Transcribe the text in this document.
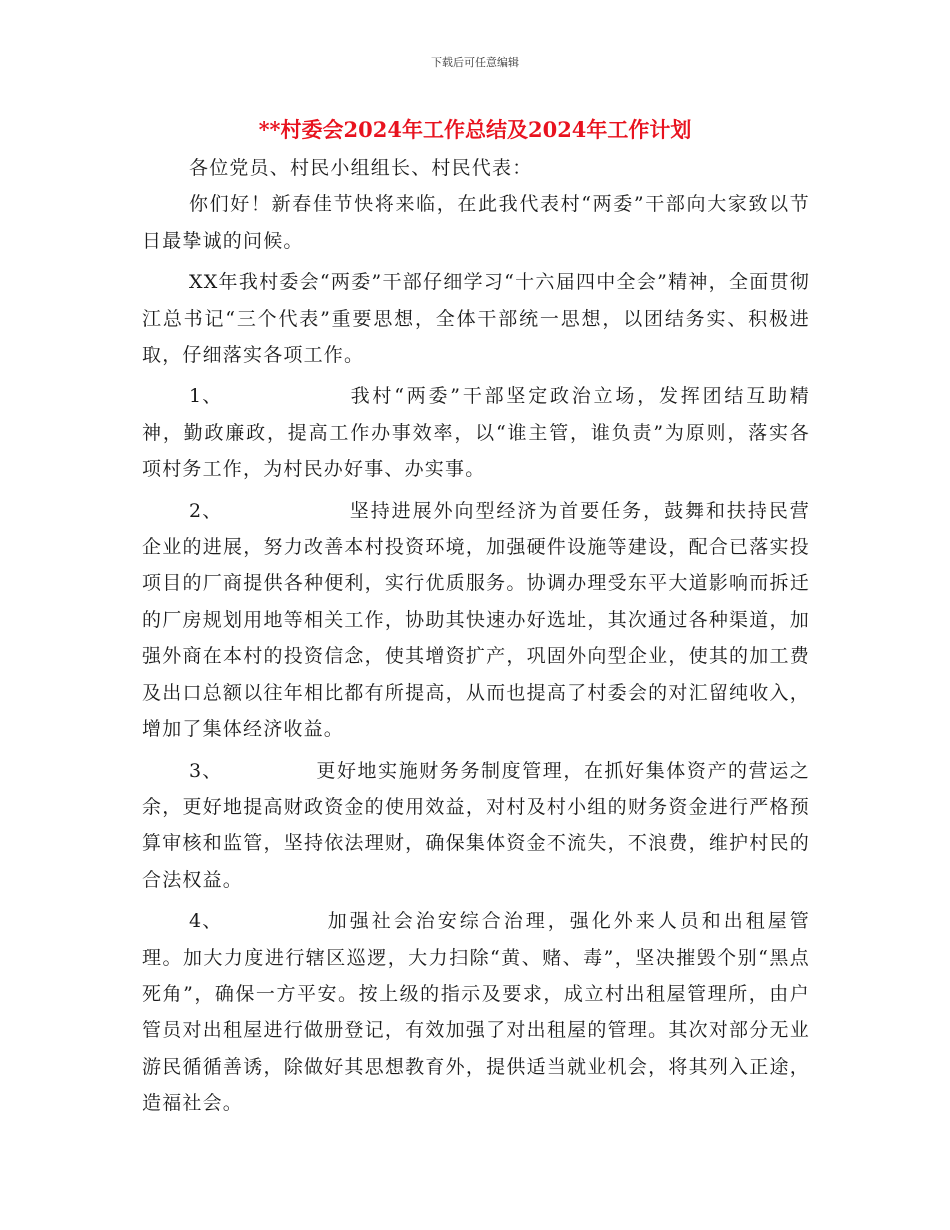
下载后可任意编辑
**村委会2024年工作总结及2024年工作计划

各位党员、村民小组组长、村民代表：

你们好！新春佳节快将来临，在此我代表村“两委”干部向大家致以节日最挚诚的问候。

XX年我村委会“两委”干部仔细学习“十六届四中全会”精神，全面贯彻江总书记“三个代表”重要思想，全体干部统一思想，以团结务实、积极进取，仔细落实各项工作。

1、	我村“两委”干部坚定政治立场，发挥团结互助精神，勤政廉政，提高工作办事效率，以“谁主管，谁负责”为原则，落实各项村务工作，为村民办好事、办实事。

2、	坚持进展外向型经济为首要任务，鼓舞和扶持民营企业的进展，努力改善本村投资环境，加强硬件设施等建设，配合已落实投项目的厂商提供各种便利，实行优质服务。协调办理受东平大道影响而拆迁的厂房规划用地等相关工作，协助其快速办好选址，其次通过各种渠道，加强外商在本村的投资信念，使其增资扩产，巩固外向型企业，使其的加工费及出口总额以往年相比都有所提高，从而也提高了村委会的对汇留纯收入，增加了集体经济收益。

3、	更好地实施财务务制度管理，在抓好集体资产的营运之余，更好地提高财政资金的使用效益，对村及村小组的财务资金进行严格预算审核和监管，坚持依法理财，确保集体资金不流失，不浪费，维护村民的合法权益。

4、	加强社会治安综合治理，强化外来人员和出租屋管理。加大力度进行辖区巡逻，大力扫除“黄、赌、毒”，坚决摧毁个别“黑点死角”，确保一方平安。按上级的指示及要求，成立村出租屋管理所，由户管员对出租屋进行做册登记，有效加强了对出租屋的管理。其次对部分无业游民循循善诱，除做好其思想教育外，提供适当就业机会，将其列入正途，造福社会。
